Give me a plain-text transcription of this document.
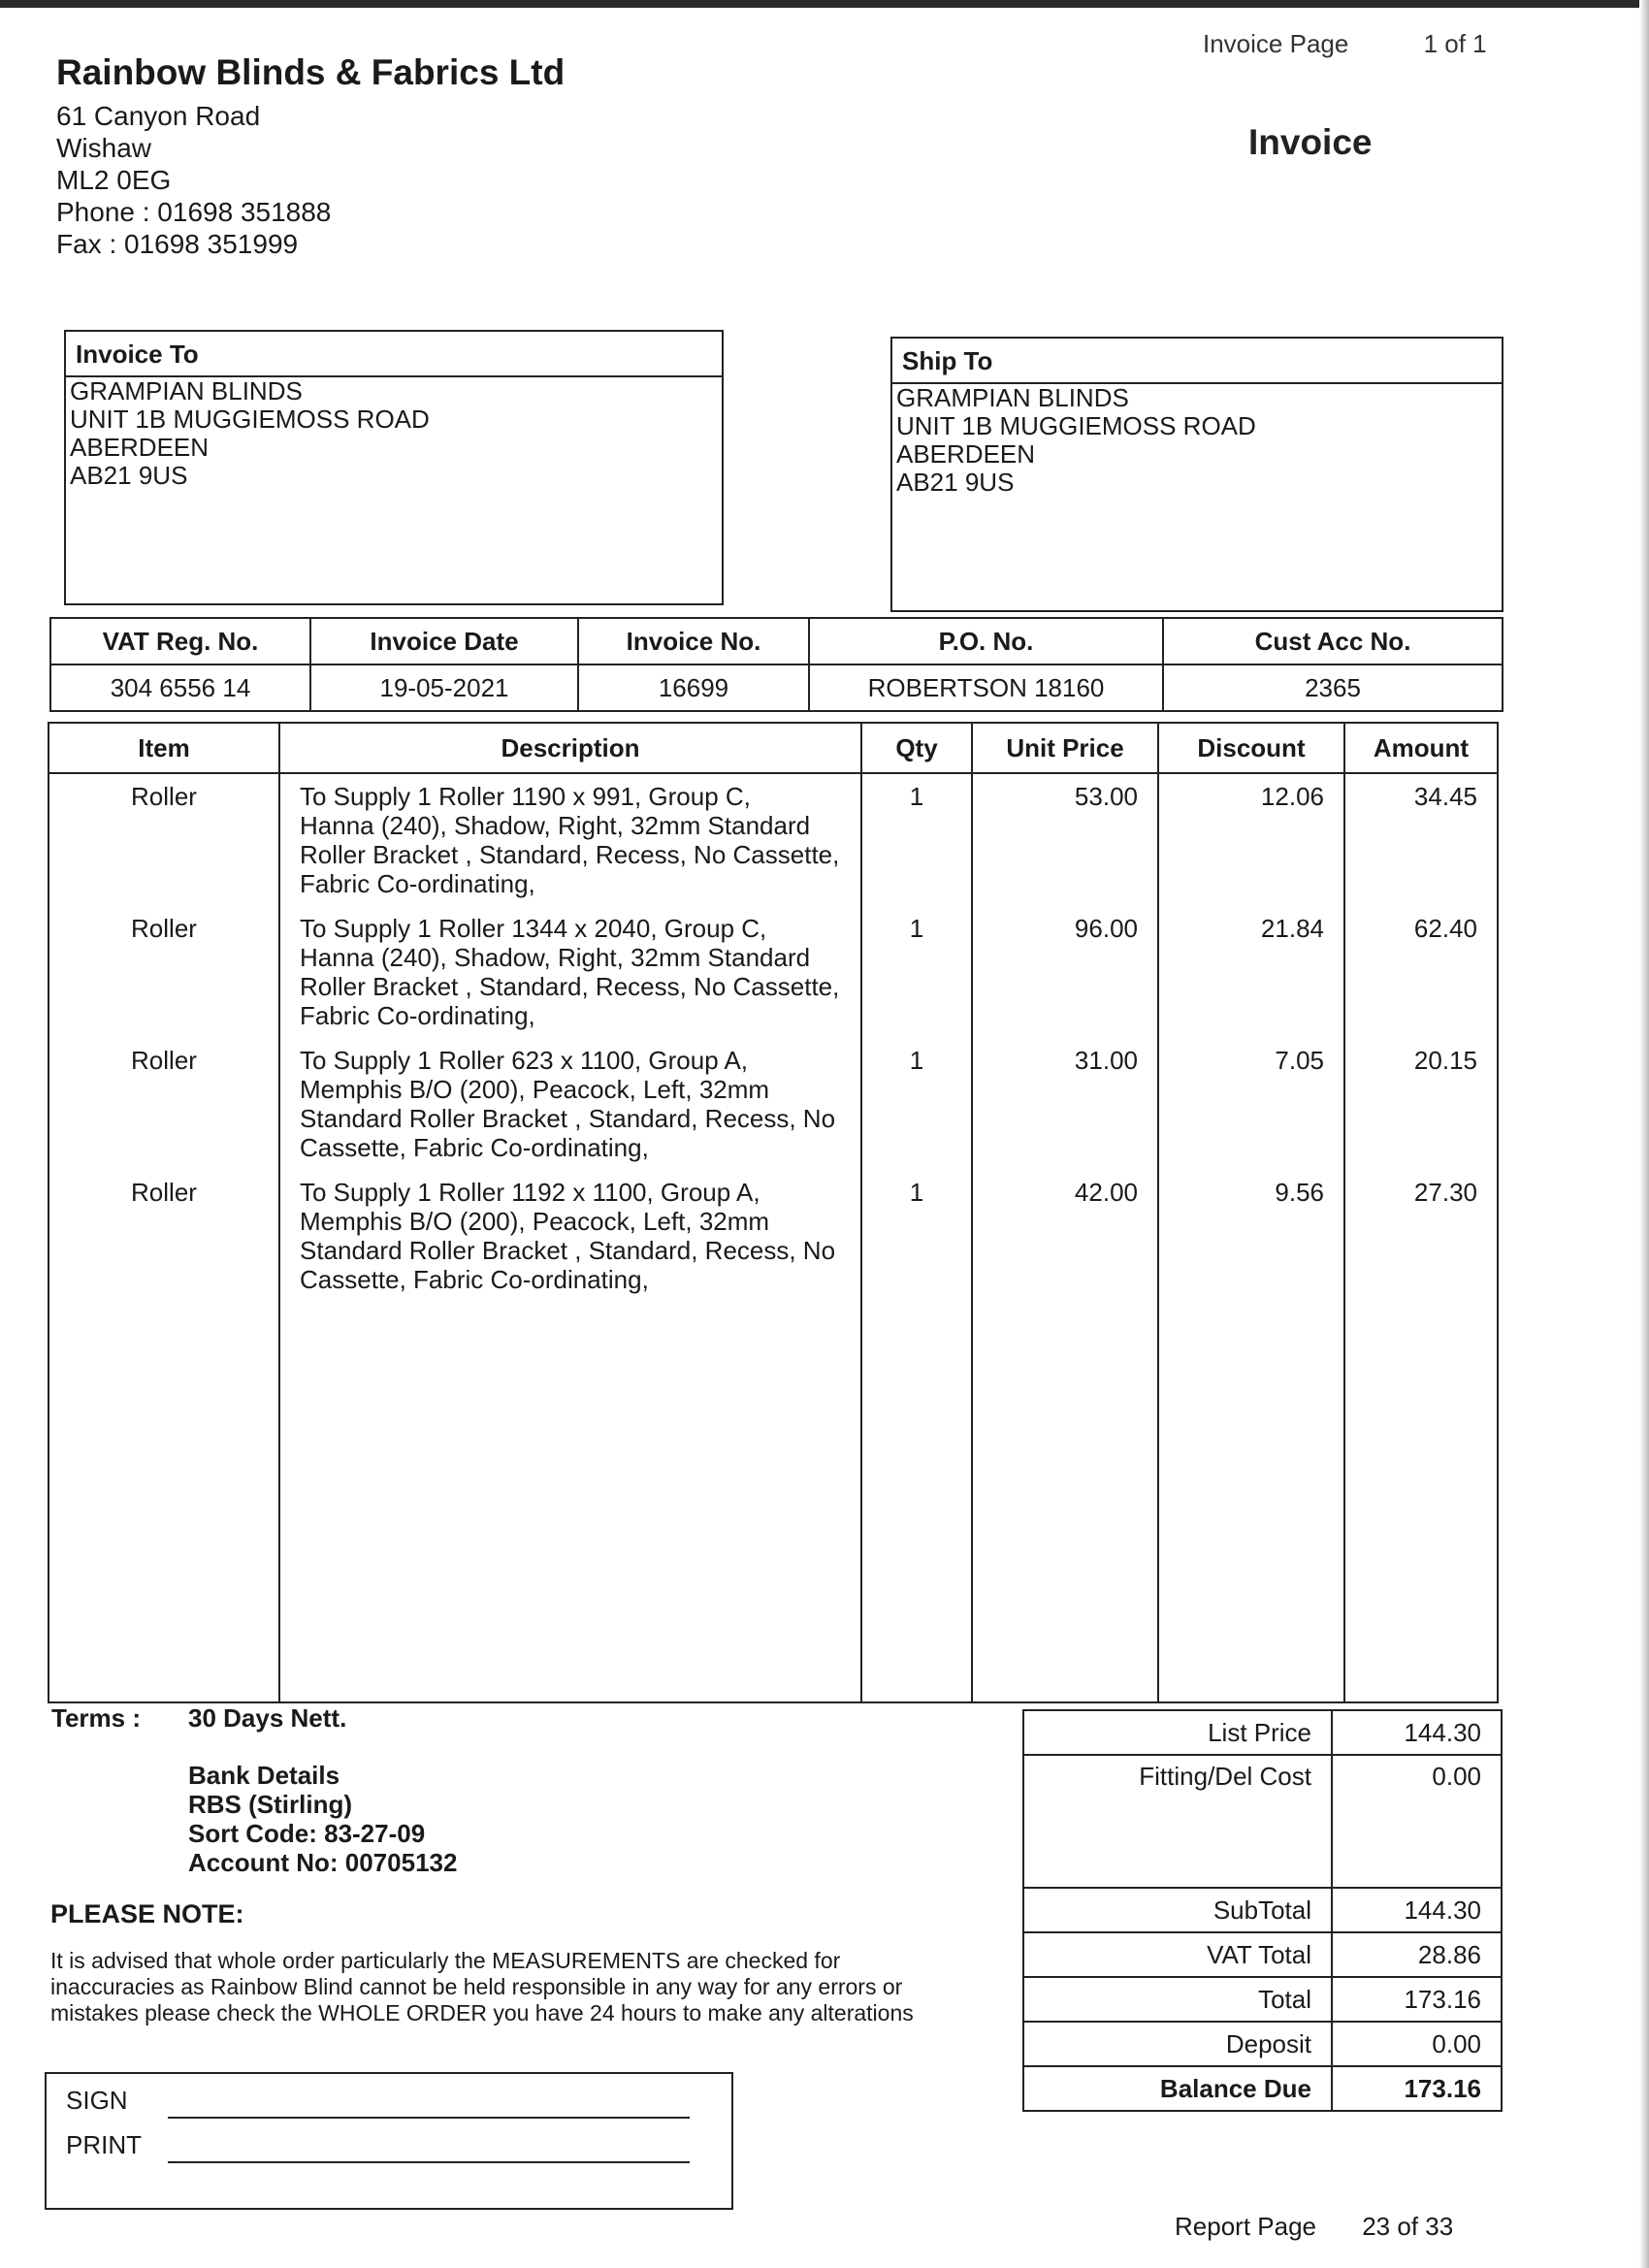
Invoice Page	1 of 1
Rainbow Blinds & Fabrics Ltd
61 Canyon Road
Wishaw
ML2 0EG
Phone : 01698 351888
Fax : 01698 351999
Invoice
Invoice To
GRAMPIAN BLINDS
UNIT 1B MUGGIEMOSS ROAD
ABERDEEN
AB21 9US
Ship To
GRAMPIAN BLINDS
UNIT 1B MUGGIEMOSS ROAD
ABERDEEN
AB21 9US
VAT Reg. No.	Invoice Date	Invoice No.	P.O. No.	Cust Acc No.
304 6556 14	19-05-2021	16699	ROBERTSON 18160	2365
Item	Description	Qty	Unit Price	Discount	Amount
Roller	To Supply 1 Roller 1190 x 991, Group C,
Hanna (240), Shadow, Right, 32mm Standard
Roller Bracket , Standard, Recess, No Cassette,
Fabric Co-ordinating,	1	53.00	12.06	34.45
Roller	To Supply 1 Roller 1344 x 2040, Group C,
Hanna (240), Shadow, Right, 32mm Standard
Roller Bracket , Standard, Recess, No Cassette,
Fabric Co-ordinating,	1	96.00	21.84	62.40
Roller	To Supply 1 Roller 623 x 1100, Group A,
Memphis B/O (200), Peacock, Left, 32mm
Standard Roller Bracket , Standard, Recess, No
Cassette, Fabric Co-ordinating,	1	31.00	7.05	20.15
Roller	To Supply 1 Roller 1192 x 1100, Group A,
Memphis B/O (200), Peacock, Left, 32mm
Standard Roller Bracket , Standard, Recess, No
Cassette, Fabric Co-ordinating,	1	42.00	9.56	27.30

Terms : 30 Days Nett.
Bank Details
RBS (Stirling)
Sort Code: 83-27-09
Account No: 00705132
PLEASE NOTE:
It is advised that whole order particularly the MEASUREMENTS are checked for
inaccuracies as Rainbow Blind cannot be held responsible in any way for any errors or
mistakes please check the WHOLE ORDER you have 24 hours to make any alterations
SIGN
PRINT
List Price	144.30
Fitting/Del Cost	0.00
SubTotal	144.30
VAT Total	28.86
Total	173.16
Deposit	0.00
Balance Due	173.16
Report Page 23 of 33
